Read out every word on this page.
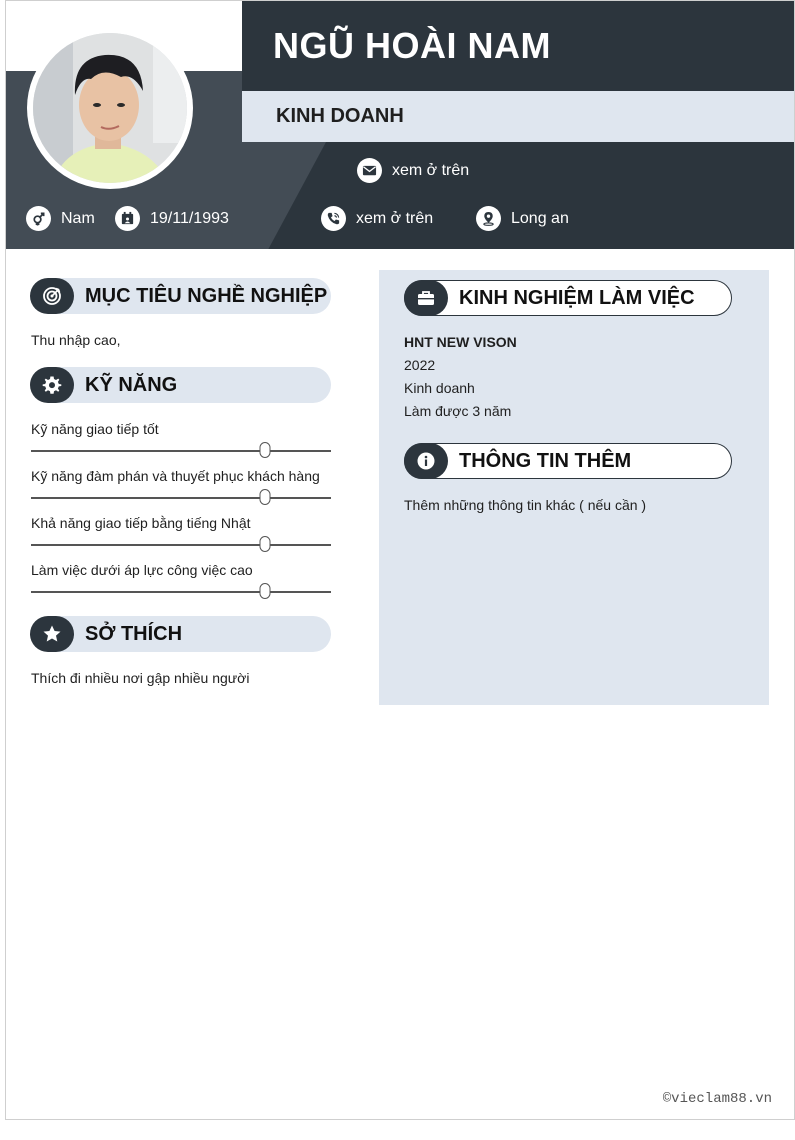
NGŨ HOÀI NAM
KINH DOANH
xem ở trên
Nam	19/11/1993	xem ở trên	Long an
MỤC TIÊU NGHỀ NGHIỆP
Thu nhập cao,
KỸ NĂNG
Kỹ năng giao tiếp tốt
Kỹ năng đàm phán và thuyết phục khách hàng
Khả năng giao tiếp bằng tiếng Nhật
Làm việc dưới áp lực công việc cao
SỞ THÍCH
Thích đi nhiều nơi gập nhiều người
KINH NGHIỆM LÀM VIỆC
HNT NEW VISON
2022
Kinh doanh
Làm được 3 năm
THÔNG TIN THÊM
Thêm những thông tin khác ( nếu cần )
©vieclam88.vn
